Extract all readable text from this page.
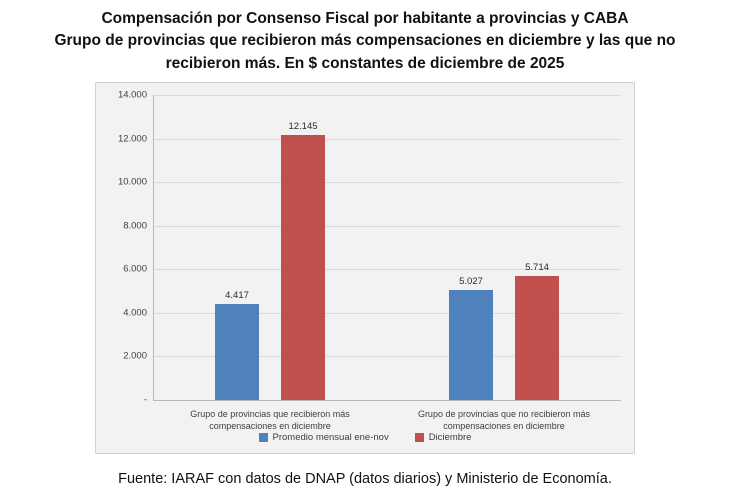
Compensación por Consenso Fiscal por habitante a provincias y CABA
Grupo de provincias que recibieron más compensaciones en diciembre y las que no
recibieron más. En $ constantes de diciembre de 2025
-
2.000
4.000
6.000
8.000
10.000
12.000
14.000
4.417
12.145
Grupo de provincias que recibieron más compensaciones en diciembre
5.027
5.714
Grupo de provincias que no recibieron más compensaciones en diciembre
Promedio mensual ene-nov	Diciembre
Fuente: IARAF con datos de DNAP (datos diarios) y Ministerio de Economía.
